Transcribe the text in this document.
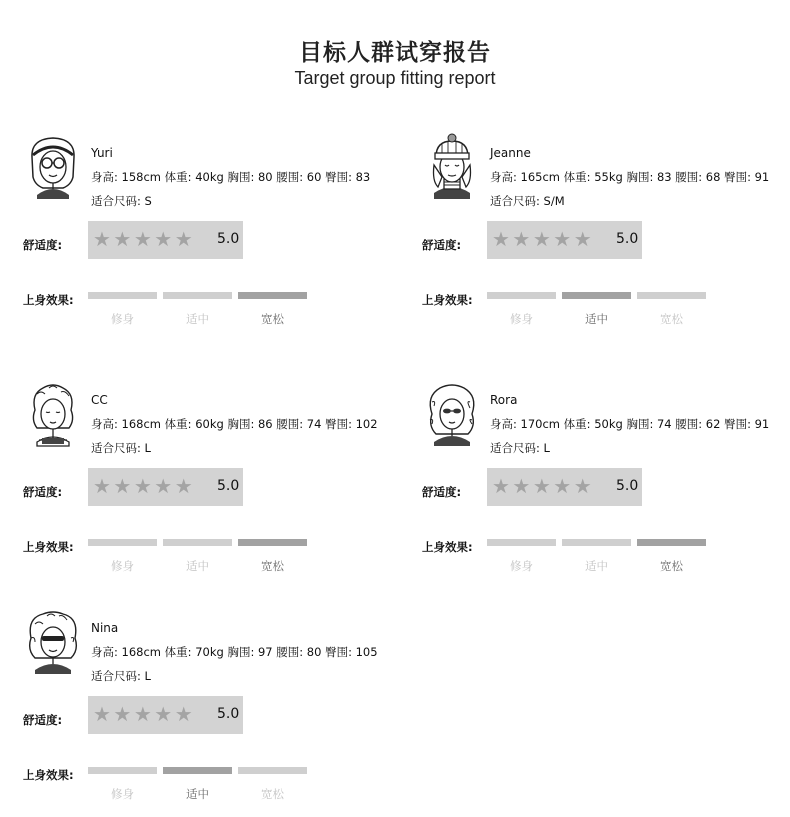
目标人群试穿报告
Target group fitting report
Yuri
身高: 158cm 体重: 40kg 胸围: 80 腰围: 60 臀围: 83
适合尺码: S
舒适度: ★★★★★ 5.0
上身效果:
修身	适中	宽松
Jeanne
身高: 165cm 体重: 55kg 胸围: 83 腰围: 68 臀围: 91
适合尺码: S/M
舒适度: ★★★★★ 5.0
上身效果:
修身	适中	宽松
CC
身高: 168cm 体重: 60kg 胸围: 86 腰围: 74 臀围: 102
适合尺码: L
舒适度: ★★★★★ 5.0
上身效果:
修身	适中	宽松
Rora
身高: 170cm 体重: 50kg 胸围: 74 腰围: 62 臀围: 91
适合尺码: L
舒适度: ★★★★★ 5.0
上身效果:
修身	适中	宽松
Nina
身高: 168cm 体重: 70kg 胸围: 97 腰围: 80 臀围: 105
适合尺码: L
舒适度: ★★★★★ 5.0
上身效果:
修身	适中	宽松
